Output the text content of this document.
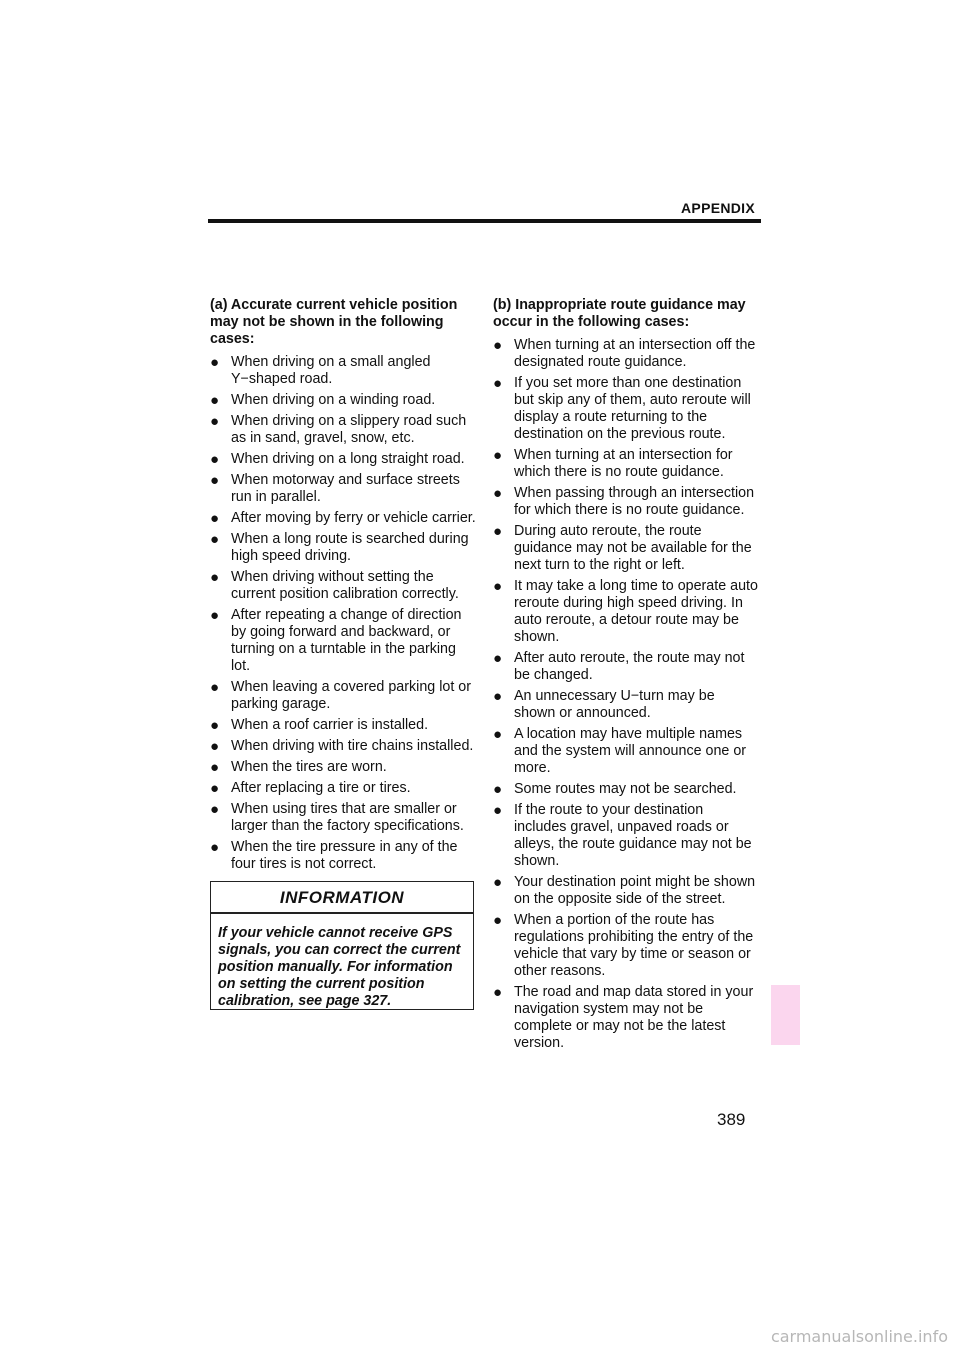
APPENDIX

(a) Accurate current vehicle position may not be shown in the following cases:

● When driving on a small angled Y−shaped road.
● When driving on a winding road.
● When driving on a slippery road such as in sand, gravel, snow, etc.
● When driving on a long straight road.
● When motorway and surface streets run in parallel.
● After moving by ferry or vehicle carrier.
● When a long route is searched during high speed driving.
● When driving without setting the current position calibration correctly.
● After repeating a change of direction by going forward and backward, or turning on a turntable in the parking lot.
● When leaving a covered parking lot or parking garage.
● When a roof carrier is installed.
● When driving with tire chains installed.
● When the tires are worn.
● After replacing a tire or tires.
● When using tires that are smaller or larger than the factory specifications.
● When the tire pressure in any of the four tires is not correct.
INFORMATION
If your vehicle cannot receive GPS signals, you can correct the current position manually. For information on setting the current position calibration, see page 327.

(b) Inappropriate route guidance may occur in the following cases:

● When turning at an intersection off the designated route guidance.
● If you set more than one destination but skip any of them, auto reroute will display a route returning to the destination on the previous route.
● When turning at an intersection for which there is no route guidance.
● When passing through an intersection for which there is no route guidance.
● During auto reroute, the route guidance may not be available for the next turn to the right or left.
● It may take a long time to operate auto reroute during high speed driving. In auto reroute, a detour route may be shown.
● After auto reroute, the route may not be changed.
● An unnecessary U−turn may be shown or announced.
● A location may have multiple names and the system will announce one or more.
● Some routes may not be searched.
● If the route to your destination includes gravel, unpaved roads or alleys, the route guidance may not be shown.
● Your destination point might be shown on the opposite side of the street.
● When a portion of the route has regulations prohibiting the entry of the vehicle that vary by time or season or other reasons.
● The road and map data stored in your navigation system may not be complete or may not be the latest version.
389
carmanualsonline.info
